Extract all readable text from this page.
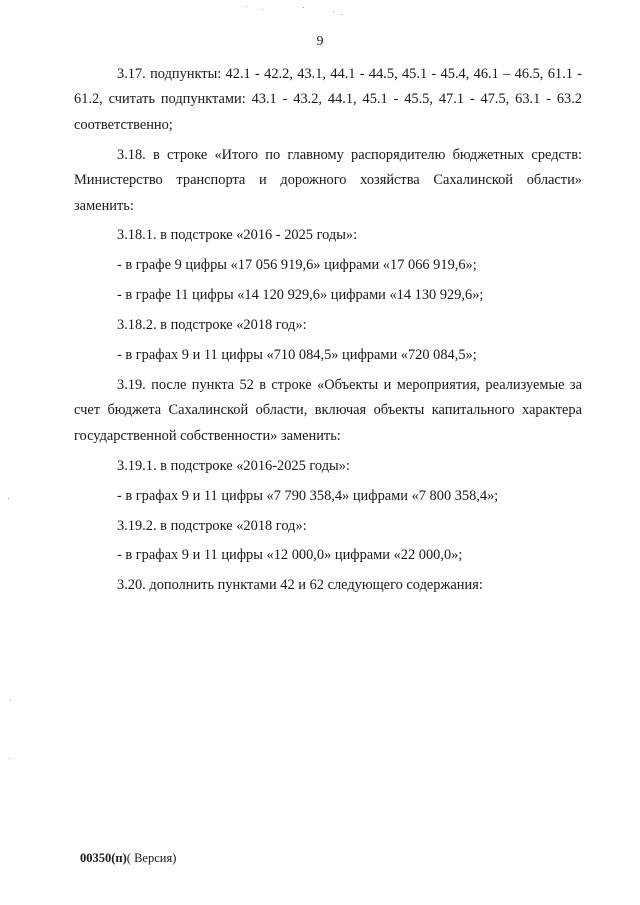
9

3.17. подпункты: 42.1 - 42.2, 43.1, 44.1 - 44.5, 45.1 - 45.4, 46.1 – 46.5, 61.1 - 61.2, считать подпунктами: 43.1 - 43.2, 44.1, 45.1 - 45.5, 47.1 - 47.5, 63.1 - 63.2 соответственно;

3.18. в строке «Итого по главному распорядителю бюджетных средств: Министерство транспорта и дорожного хозяйства Сахалинской области» заменить:

3.18.1. в подстроке «2016 - 2025 годы»:

- в графе 9 цифры «17 056 919,6» цифрами «17 066 919,6»;

- в графе 11 цифры «14 120 929,6» цифрами «14 130 929,6»;

3.18.2. в подстроке «2018 год»:

- в графах 9 и 11 цифры «710 084,5» цифрами «720 084,5»;

3.19. после пункта 52 в строке «Объекты и мероприятия, реализуемые за счет бюджета Сахалинской области, включая объекты капитального характера государственной собственности» заменить:

3.19.1. в подстроке «2016-2025 годы»:

- в графах 9 и 11 цифры «7 790 358,4» цифрами «7 800 358,4»;

3.19.2. в подстроке «2018 год»:

- в графах 9 и 11 цифры «12 000,0» цифрами «22 000,0»;

3.20. дополнить пунктами 42 и 62 следующего содержания:

00350(п)( Версия)
